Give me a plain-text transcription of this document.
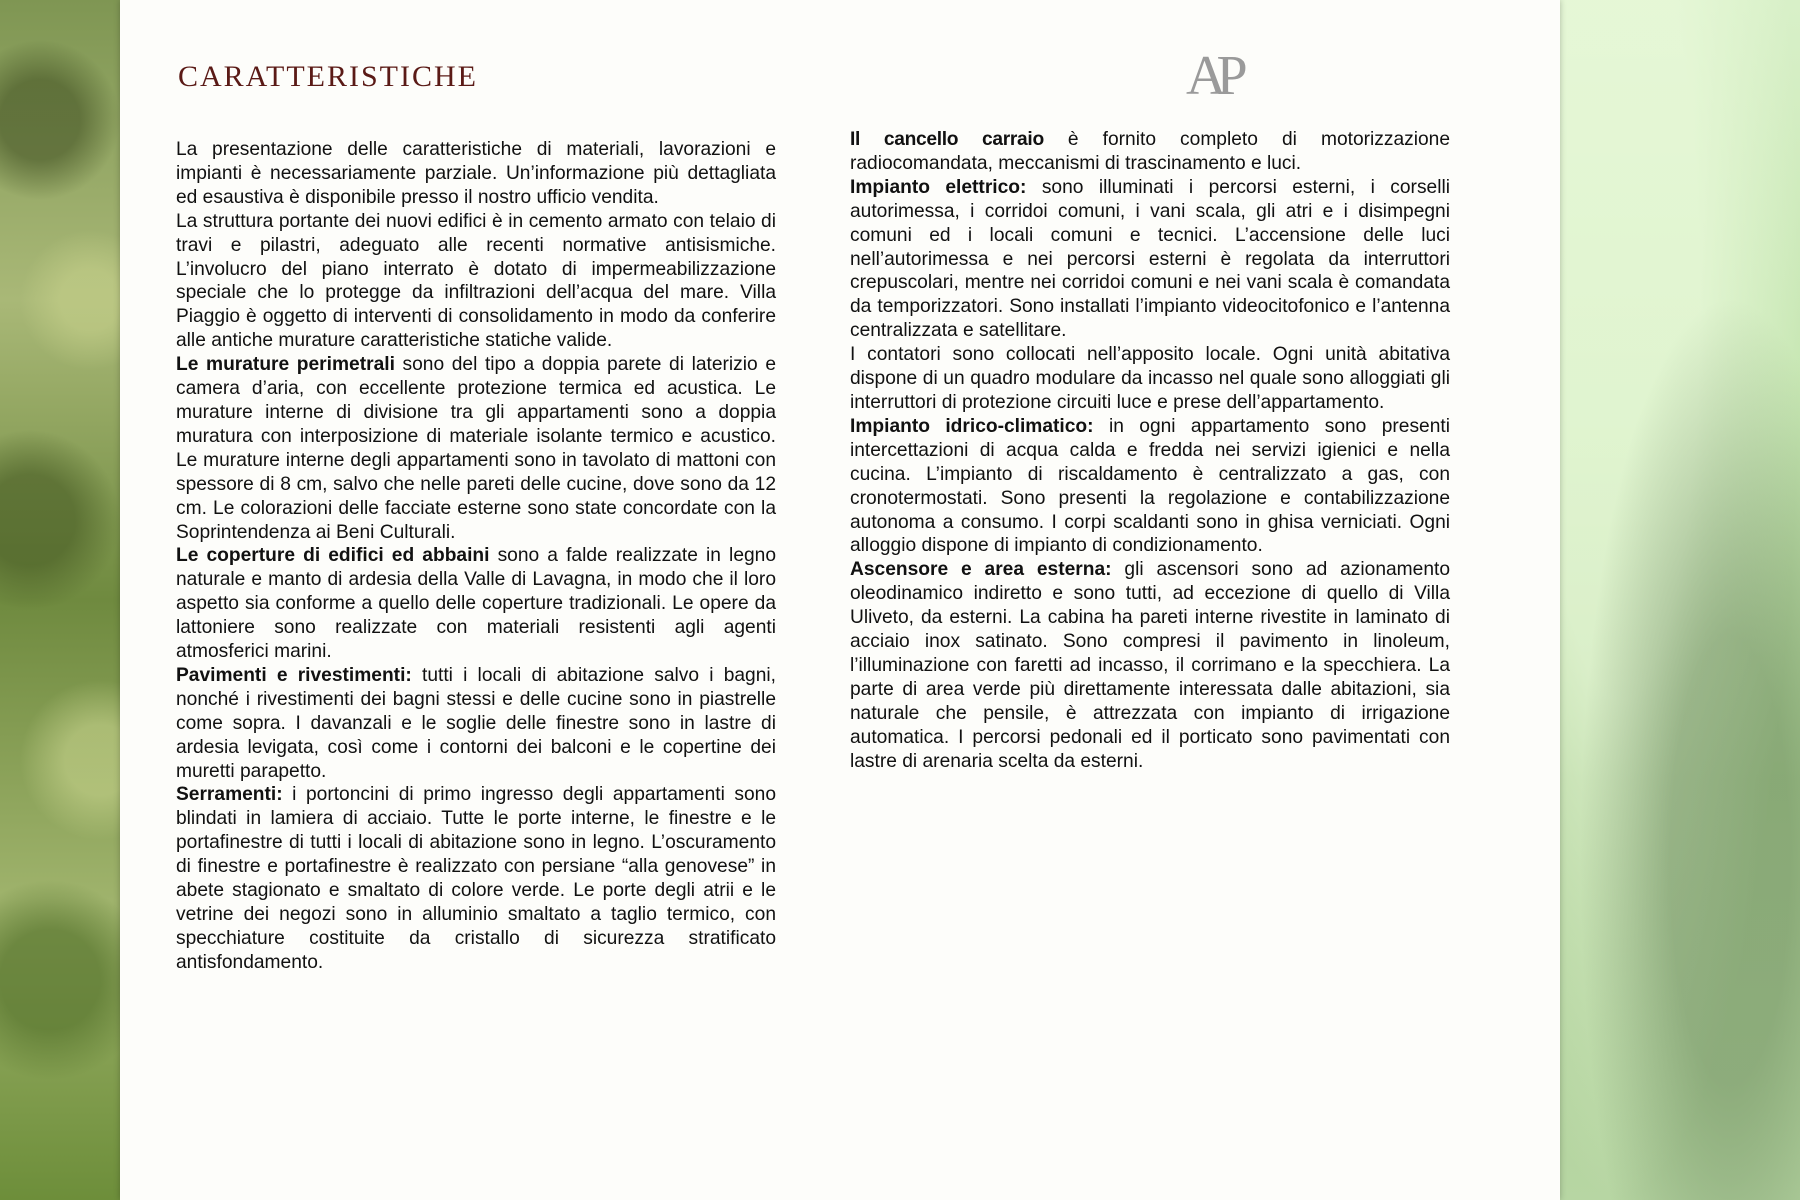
CARATTERISTICHE	AP

La presentazione delle caratteristiche di materiali, lavorazioni e impianti è necessariamente parziale. Un’informazione più dettagliata ed esaustiva è disponibile presso il nostro ufficio vendita.

La struttura portante dei nuovi edifici è in cemento armato con telaio di travi e pilastri, adeguato alle recenti normative antisismiche. L’involucro del piano interrato è dotato di impermeabilizzazione speciale che lo protegge da infiltrazioni dell’acqua del mare. Villa Piaggio è oggetto di interventi di consolidamento in modo da conferire alle antiche murature caratteristiche statiche valide.

Le murature perimetrali sono del tipo a doppia parete di laterizio e camera d’aria, con eccellente protezione termica ed acustica. Le murature interne di divisione tra gli appartamenti sono a doppia muratura con interposizione di materiale isolante termico e acustico. Le murature interne degli appartamenti sono in tavolato di mattoni con spessore di 8 cm, salvo che nelle pareti delle cucine, dove sono da 12 cm. Le colorazioni delle facciate esterne sono state concordate con la Soprintendenza ai Beni Culturali.

Le coperture di edifici ed abbaini sono a falde realizzate in legno naturale e manto di ardesia della Valle di Lavagna, in modo che il loro aspetto sia conforme a quello delle coperture tradizionali. Le opere da lattoniere sono realizzate con materiali resistenti agli agenti atmosferici marini.

Pavimenti e rivestimenti: tutti i locali di abitazione salvo i bagni, nonché i rivestimenti dei bagni stessi e delle cucine sono in piastrelle come sopra. I davanzali e le soglie delle finestre sono in lastre di ardesia levigata, così come i contorni dei balconi e le copertine dei muretti parapetto.

Serramenti: i portoncini di primo ingresso degli appartamenti sono blindati in lamiera di acciaio. Tutte le porte interne, le finestre e le portafinestre di tutti i locali di abitazione sono in legno. L’oscuramento di finestre e portafinestre è realizzato con persiane “alla genovese” in abete stagionato e smaltato di colore verde. Le porte degli atrii e le vetrine dei negozi sono in alluminio smaltato a taglio termico, con specchiature costituite da cristallo di sicurezza stratificato antisfondamento.

Il cancello carraio è fornito completo di motorizzazione radiocomandata, meccanismi di trascinamento e luci.

Impianto elettrico: sono illuminati i percorsi esterni, i corselli autorimessa, i corridoi comuni, i vani scala, gli atri e i disimpegni comuni ed i locali comuni e tecnici. L’accensione delle luci nell’autorimessa e nei percorsi esterni è regolata da interruttori crepuscolari, mentre nei corridoi comuni e nei vani scala è comandata da temporizzatori. Sono installati l’impianto videocitofonico e l’antenna centralizzata e satellitare.

I contatori sono collocati nell’apposito locale. Ogni unità abitativa dispone di un quadro modulare da incasso nel quale sono alloggiati gli interruttori di protezione circuiti luce e prese dell’appartamento.

Impianto idrico-climatico: in ogni appartamento sono presenti intercettazioni di acqua calda e fredda nei servizi igienici e nella cucina. L’impianto di riscaldamento è centralizzato a gas, con cronotermostati. Sono presenti la regolazione e contabilizzazione autonoma a consumo. I corpi scaldanti sono in ghisa verniciati. Ogni alloggio dispone di impianto di condizionamento.

Ascensore e area esterna: gli ascensori sono ad azionamento oleodinamico indiretto e sono tutti, ad eccezione di quello di Villa Uliveto, da esterni. La cabina ha pareti interne rivestite in laminato di acciaio inox satinato. Sono compresi il pavimento in linoleum, l’illuminazione con faretti ad incasso, il corrimano e la specchiera. La parte di area verde più direttamente interessata dalle abitazioni, sia naturale che pensile, è attrezzata con impianto di irrigazione automatica. I percorsi pedonali ed il porticato sono pavimentati con lastre di arenaria scelta da esterni.
